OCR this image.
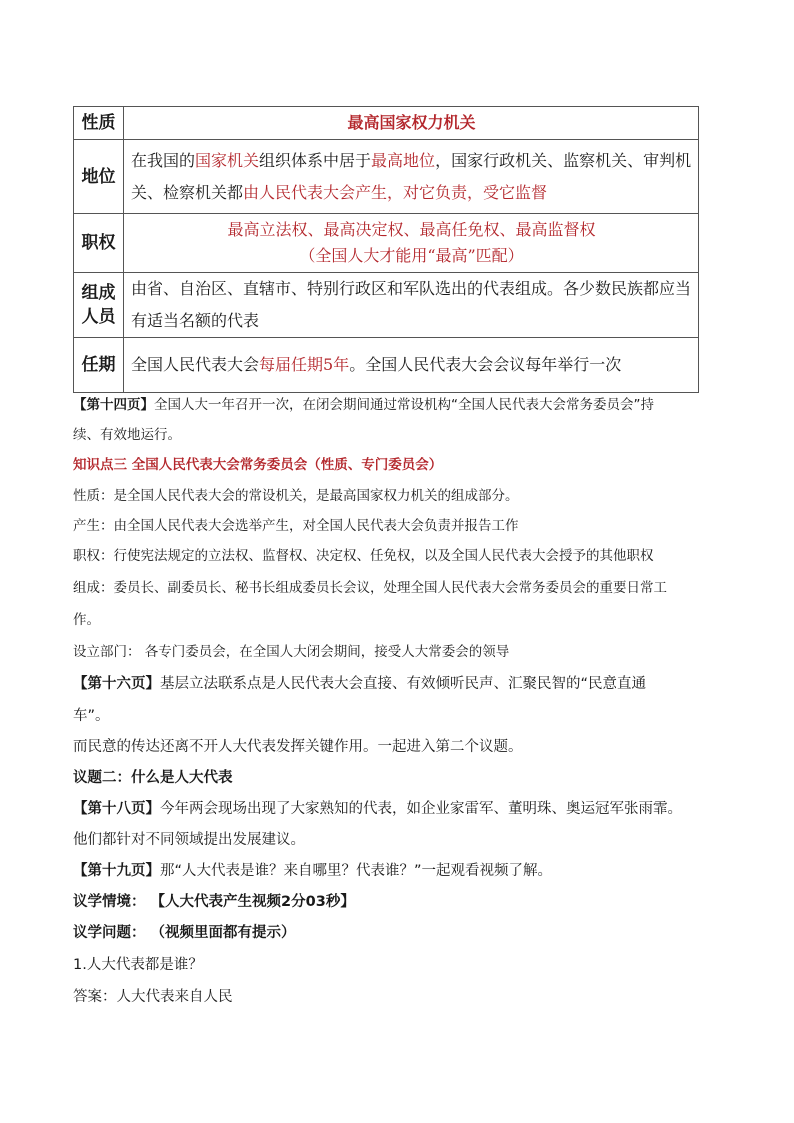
性质	最高国家权力机关
地位	在我国的国家机关组织体系中居于最高地位，国家行政机关、监察机关、审判机关、检察机关都由人民代表大会产生，对它负责，受它监督
职权	最高立法权、最高决定权、最高任免权、最高监督权
（全国人大才能用“最高”匹配）

组成
人员	由省、自治区、直辖市、特别行政区和军队选出的代表组成。各少数民族都应当有适当名额的代表
任期	全国人民代表大会每届任期5年。全国人民代表大会会议每年举行一次
【第十四页】全国人大一年召开一次，在闭会期间通过常设机构“全国人民代表大会常务委员会”持
续、有效地运行。
知识点三 全国人民代表大会常务委员会（性质、专门委员会）
性质：是全国人民代表大会的常设机关，是最高国家权力机关的组成部分。
产生：由全国人民代表大会选举产生，对全国人民代表大会负责并报告工作
职权：行使宪法规定的立法权、监督权、决定权、任免权，以及全国人民代表大会授予的其他职权
组成：委员长、副委员长、秘书长组成委员长会议，处理全国人民代表大会常务委员会的重要日常工
作。
设立部门： 各专门委员会，在全国人大闭会期间，接受人大常委会的领导
【第十六页】基层立法联系点是人民代表大会直接、有效倾听民声、汇聚民智的“民意直通
车”。
而民意的传达还离不开人大代表发挥关键作用。一起进入第二个议题。
议题二：什么是人大代表
【第十八页】今年两会现场出现了大家熟知的代表，如企业家雷军、董明珠、奥运冠军张雨霏。
他们都针对不同领域提出发展建议。
【第十九页】那“人大代表是谁？来自哪里？代表谁？”一起观看视频了解。
议学情境： 【人大代表产生视频2分03秒】
议学问题： （视频里面都有提示）
1.人大代表都是谁？
答案：人大代表来自人民
